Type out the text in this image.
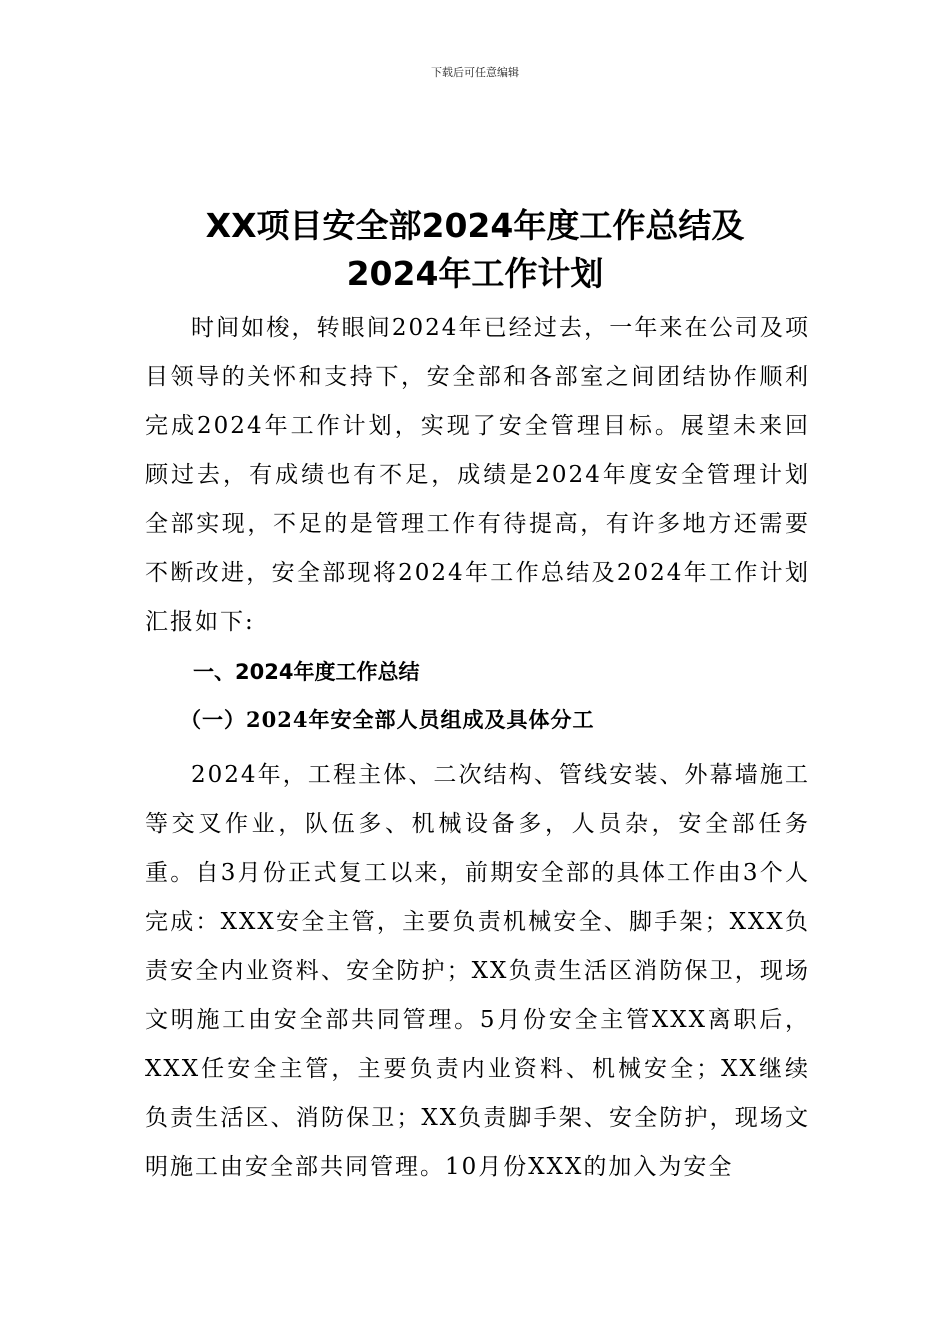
下载后可任意编辑
XX项目安全部2024年度工作总结及
2024年工作计划

时间如梭，转眼间2024年已经过去，一年来在公司及项目领导的关怀和支持下，安全部和各部室之间团结协作顺利完成2024年工作计划，实现了安全管理目标。展望未来回顾过去，有成绩也有不足，成绩是2024年度安全管理计划全部实现，不足的是管理工作有待提高，有许多地方还需要不断改进，安全部现将2024年工作总结及2024年工作计划汇报如下:

一、2024年度工作总结
（一）2024年安全部人员组成及具体分工

2024年，工程主体、二次结构、管线安装、外幕墙施工等交叉作业，队伍多、机械设备多，人员杂，安全部任务重。自3月份正式复工以来，前期安全部的具体工作由3个人完成：XXX安全主管，主要负责机械安全、脚手架；XXX负责安全内业资料、安全防护；XX负责生活区消防保卫，现场文明施工由安全部共同管理。5月份安全主管XXX离职后，XXX任安全主管，主要负责内业资料、机械安全；XX继续负责生活区、消防保卫；XX负责脚手架、安全防护，现场文明施工由安全部共同管理。10月份XXX的加入为安全
